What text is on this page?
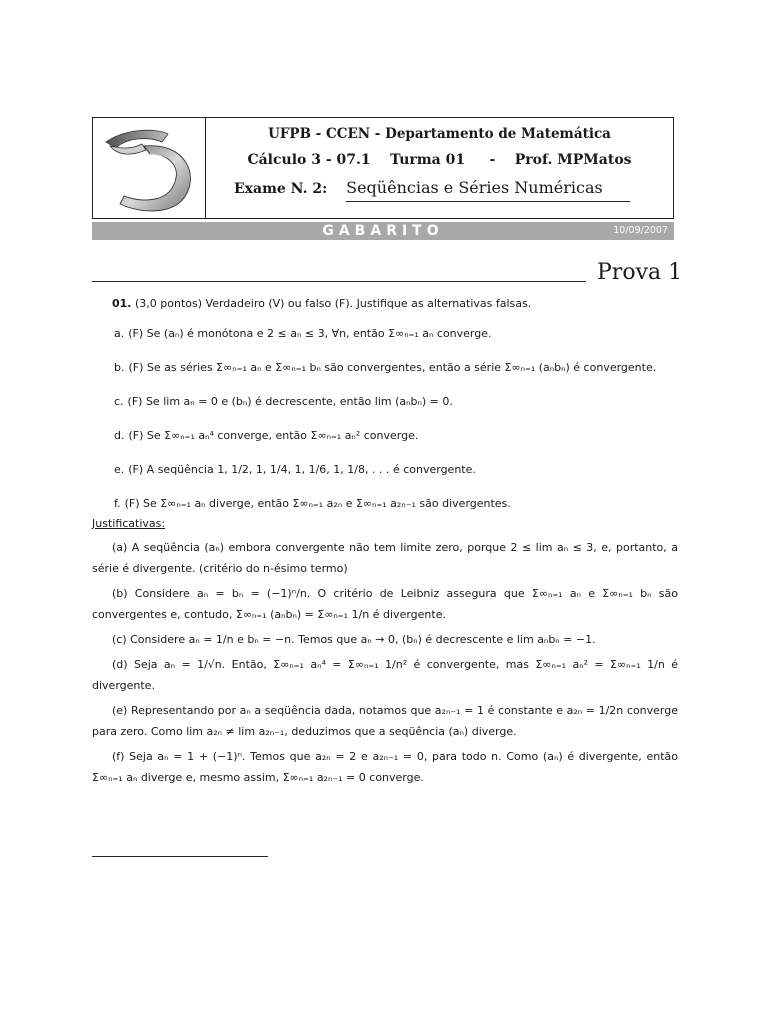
UFPB - CCEN - Departamento de Matemática
Cálculo 3 - 07.1 Turma 01 - Prof. MPMatos
Exame N. 2: Seqüências e Séries Numéricas
GABARITO	10/09/2007
Prova 1
01. (3,0 pontos) Verdadeiro (V) ou falso (F). Justifique as alternativas falsas.
a. (F) Se (aₙ) é monótona e 2 ≤ aₙ ≤ 3, ∀n, então Σ∞ₙ₌₁ aₙ converge.
b. (F) Se as séries Σ∞ₙ₌₁ aₙ e Σ∞ₙ₌₁ bₙ são convergentes, então a série Σ∞ₙ₌₁ (aₙbₙ) é convergente.
c. (F) Se lim aₙ = 0 e (bₙ) é decrescente, então lim (aₙbₙ) = 0.
d. (F) Se Σ∞ₙ₌₁ aₙ⁴ converge, então Σ∞ₙ₌₁ aₙ² converge.
e. (F) A seqüência 1, 1/2, 1, 1/4, 1, 1/6, 1, 1/8, . . . é convergente.
f. (F) Se Σ∞ₙ₌₁ aₙ diverge, então Σ∞ₙ₌₁ a₂ₙ e Σ∞ₙ₌₁ a₂ₙ₋₁ são divergentes.
Justificativas:

(a) A seqüência (aₙ) embora convergente não tem limite zero, porque 2 ≤ lim aₙ ≤ 3, e, portanto, a série é divergente. (critério do n-ésimo termo)

(b) Considere aₙ = bₙ = (−1)ⁿ/n. O critério de Leibniz assegura que Σ∞ₙ₌₁ aₙ e Σ∞ₙ₌₁ bₙ são convergentes e, contudo, Σ∞ₙ₌₁ (aₙbₙ) = Σ∞ₙ₌₁ 1/n é divergente.

(c) Considere aₙ = 1/n e bₙ = −n. Temos que aₙ → 0, (bₙ) é decrescente e lim aₙbₙ = −1.

(d) Seja aₙ = 1/√n. Então, Σ∞ₙ₌₁ aₙ⁴ = Σ∞ₙ₌₁ 1/n² é convergente, mas Σ∞ₙ₌₁ aₙ² = Σ∞ₙ₌₁ 1/n é divergente.

(e) Representando por aₙ a seqüência dada, notamos que a₂ₙ₋₁ = 1 é constante e a₂ₙ = 1/2n converge para zero. Como lim a₂ₙ ≠ lim a₂ₙ₋₁, deduzimos que a seqüência (aₙ) diverge.

(f) Seja aₙ = 1 + (−1)ⁿ. Temos que a₂ₙ = 2 e a₂ₙ₋₁ = 0, para todo n. Como (aₙ) é divergente, então Σ∞ₙ₌₁ aₙ diverge e, mesmo assim, Σ∞ₙ₌₁ a₂ₙ₋₁ = 0 converge.
